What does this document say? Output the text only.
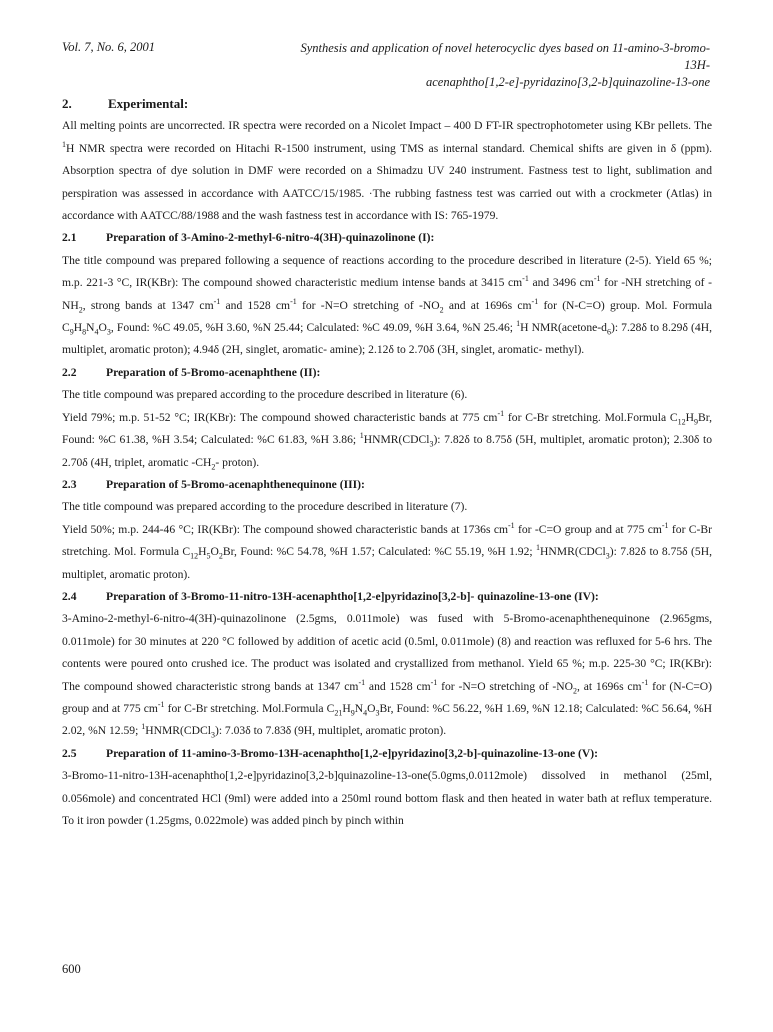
Vol. 7, No. 6, 2001	Synthesis and application of novel heterocyclic dyes based on 11-amino-3-bromo-13H-
acenaphtho[1,2-e]-pyridazino[3,2-b]quinazoline-13-one

2.	Experimental:

All melting points are uncorrected. IR spectra were recorded on a Nicolet Impact – 400 D FT-IR spectrophotometer using KBr pellets. The $^1$H NMR spectra were recorded on Hitachi R-1500 instrument, using TMS as internal standard. Chemical shifts are given in δ (ppm). Absorption spectra of dye solution in DMF were recorded on a Shimadzu UV 240 instrument. Fastness test to light, sublimation and perspiration was assessed in accordance with AATCC/15/1985. ·The rubbing fastness test was carried out with a crockmeter (Atlas) in accordance with AATCC/88/1988 and the wash fastness test in accordance with IS: 765-1979.

2.1	Preparation of 3-Amino-2-methyl-6-nitro-4(3H)-quinazolinone (I):

The title compound was prepared following a sequence of reactions according to the procedure described in literature (2-5). Yield 65 %; m.p. 221-3 °C, IR(KBr): The compound showed characteristic medium intense bands at 3415 $cm^{-1}$ and 3496 $cm^{-1}$ for -NH stretching of $-NH_2$, strong bands at 1347 $cm^{-1}$ and 1528 $cm^{-1}$ for -N=O stretching of $-NO_2$ and at 1696s $cm^{-1}$ for (N-C=O) group. Mol. Formula $C_9H_8N_4O_3$, Found: %C 49.05, %H 3.60, %N 25.44; Calculated: %C 49.09, %H 3.64, %N 25.46; $^1$H $NMR(acetone-d_6)$: 7.28δ to 8.29δ (4H, multiplet, aromatic proton); 4.94δ (2H, singlet, aromatic- amine); 2.12δ to 2.70δ (3H, singlet, aromatic- methyl).

2.2	Preparation of 5-Bromo-acenaphthene (II):

The title compound was prepared according to the procedure described in literature (6).

Yield 79%; m.p. 51-52 °C; IR(KBr): The compound showed characteristic bands at 775 $cm^{-1}$ for C-Br stretching. Mol.Formula $C_{12}H_9Br$, Found: %C 61.38, %H 3.54; Calculated: %C 61.83, %H 3.86; $^1$HNMR(CDCl$_3$): 7.82δ to 8.75δ (5H, multiplet, aromatic proton); 2.30δ to 2.70δ (4H, triplet, aromatic $-CH_2-$ proton).

2.3	Preparation of 5-Bromo-acenaphthenequinone (III):

The title compound was prepared according to the procedure described in literature (7).

Yield 50%; m.p. 244-46 °C; IR(KBr): The compound showed characteristic bands at 1736s $cm^{-1}$ for -C=O group and at 775 $cm^{-1}$ for C-Br stretching. Mol. Formula $C_{12}H_5O_2Br$, Found: %C 54.78, %H 1.57; Calculated: %C 55.19, %H 1.92; $^1$HNMR(CDCl$_3$): 7.82δ to 8.75δ (5H, multiplet, aromatic proton).

2.4	Preparation of 3-Bromo-11-nitro-13H-acenaphtho[1,2-e]pyridazino[3,2-b]- quinazoline-13-one (IV):

3-Amino-2-methyl-6-nitro-4(3H)-quinazolinone (2.5gms, 0.011mole) was fused with 5-Bromo-acenaphthenequinone (2.965gms, 0.011mole) for 30 minutes at 220 °C followed by addition of acetic acid (0.5ml, 0.011mole) (8) and reaction was refluxed for 5-6 hrs. The contents were poured onto crushed ice. The product was isolated and crystallized from methanol. Yield 65 %; m.p. 225-30 °C; IR(KBr): The compound showed characteristic strong bands at 1347 $cm^{-1}$ and 1528 $cm^{-1}$ for -N=O stretching of $-NO_2$, at 1696s $cm^{-1}$ for (N-C=O) group and at 775 $cm^{-1}$ for C-Br stretching. Mol.Formula $C_{21}H_9N_4O_3Br$, Found: %C 56.22, %H 1.69, %N 12.18; Calculated: %C 56.64, %H 2.02, %N 12.59; $^1$HNMR(CDCl$_3$): 7.03δ to 7.83δ (9H, multiplet, aromatic proton).

2.5	Preparation of 11-amino-3-Bromo-13H-acenaphtho[1,2-e]pyridazino[3,2-b]-quinazoline-13-one (V):

3-Bromo-11-nitro-13H-acenaphtho[1,2-e]pyridazino[3,2-b]quinazoline-13-one(5.0gms,0.0112mole) dissolved in methanol (25ml, 0.056mole) and concentrated HCl (9ml) were added into a 250ml round bottom flask and then heated in water bath at reflux temperature. To it iron powder (1.25gms, 0.022mole) was added pinch by pinch within

600
